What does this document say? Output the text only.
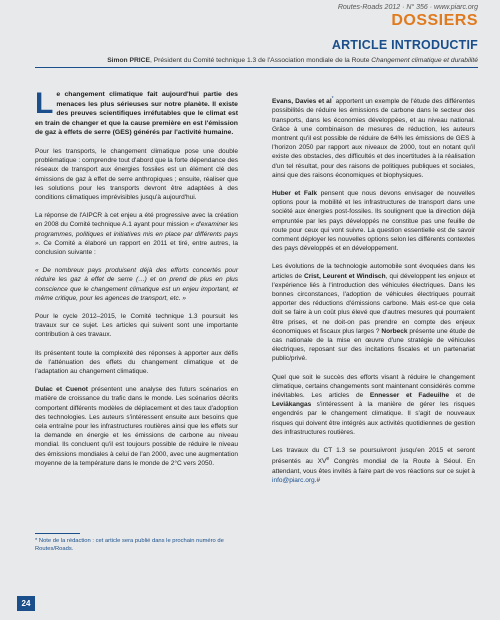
Routes-Roads 2012 · N° 356 · www.piarc.org
DOSSIERS
ARTICLE INTRODUCTIF
Simon PRICE, Président du Comité technique 1.3 de l'Association mondiale de la Route Changement climatique et durabilité

Le changement climatique fait aujourd'hui partie des menaces les plus sérieuses sur notre planète. Il existe des preuves scientifiques irréfutables que le climat est en train de changer et que la cause première en est l'émission de gaz à effets de serre (GES) générés par l'activité humaine.

Pour les transports, le changement climatique pose une double problématique : comprendre tout d'abord que la forte dépendance des réseaux de transport aux énergies fossiles est un élément clé des émissions de gaz à effet de serre anthropiques ; ensuite, réaliser que les solutions pour les transports devront être adaptées à des conditions climatiques imprévisibles jusqu'à aujourd'hui.

La réponse de l'AIPCR à cet enjeu a été progressive avec la création en 2008 du Comité technique A.1 ayant pour mission « d'examiner les programmes, politiques et initiatives mis en place par différents pays ». Ce Comité a élaboré un rapport en 2011 et tiré, entre autres, la conclusion suivante :

« De nombreux pays produisent déjà des efforts concertés pour réduire les gaz à effet de serre (…) et on prend de plus en plus conscience que le changement climatique est un enjeu important, et même critique, pour les agences de transport, etc. »

Pour le cycle 2012–2015, le Comité technique 1.3 poursuit les travaux sur ce sujet. Les articles qui suivent sont une importante contribution à ces travaux.

Ils présentent toute la complexité des réponses à apporter aux défis de l'atténuation des effets du changement climatique et de l'adaptation au changement climatique.

Dulac et Cuenot présentent une analyse des futurs scénarios en matière de croissance du trafic dans le monde. Les scénarios décrits comportent différents modèles de déplacement et des taux d'adoption des technologies. Les auteurs s'intéressent ensuite aux besoins que cela entraîne pour les infrastructures routières ainsi que les effets sur la demande en énergie et les émissions de carbone au niveau mondial. Ils concluent qu'il est toujours possible de réduire le niveau des émissions mondiales à celui de l'an 2000, avec une augmentation moyenne de la température dans le monde de 2°C vers 2050.

Evans, Davies et al* apportent un exemple de l'étude des différentes possibilités de réduire les émissions de carbone dans le secteur des transports, dans les économies développées, et au niveau national. Grâce à une combinaison de mesures de réduction, les auteurs montrent qu'il est possible de réduire de 64% les émissions de GES à l'horizon 2050 par rapport aux niveaux de 2000, tout en notant qu'il existe des obstacles, des difficultés et des incertitudes à la réalisation d'un tel résultat, pour des raisons de politiques publiques et sociales, ainsi que des raisons économiques et biophysiques.

Huber et Falk pensent que nous devons envisager de nouvelles options pour la mobilité et les infrastructures de transport dans une société aux énergies post-fossiles. Ils soulignent que la direction déjà empruntée par les pays développés ne constitue pas une feuille de route pour ceux qui vont suivre. La question essentielle est de savoir comment déployer les nouvelles options selon les différents contextes des pays développés et en développement.

Les évolutions de la technologie automobile sont évoquées dans les articles de Crist, Leurent et Windisch, qui développent les enjeux et l'expérience liés à l'introduction des véhicules électriques. Dans les bonnes circonstances, l'adoption de véhicules électriques pourrait apporter des réductions d'émissions carbone. Mais est-ce que cela doit se faire à un coût plus élevé que d'autres mesures qui pourraient être prises, et ne doit-on pas prendre en compte des enjeux économiques et fiscaux plus larges ? Norbeck présente une étude de cas nationale de la mise en œuvre d'une stratégie de véhicules électriques, reposant sur des incitations fiscales et un partenariat public/privé.

Quel que soit le succès des efforts visant à réduire le changement climatique, certains changements sont maintenant considérés comme inévitables. Les articles de Ennesser et Fadeuilhe et de Leviäkangas s'intéressent à la manière de gérer les risques engendrés par le changement climatique. Il s'agit de nouveaux risques qui doivent être intégrés aux activités quotidiennes de gestion des infrastructures routières.

Les travaux du CT 1.3 se poursuivront jusqu'en 2015 et seront présentés au XVe Congrès mondial de la Route à Séoul. En attendant, vous êtes invités à faire part de vos réactions sur ce sujet à info@piarc.org.#

* Note de la rédaction : cet article sera publié dans le prochain numéro de Routes/Roads.
24
